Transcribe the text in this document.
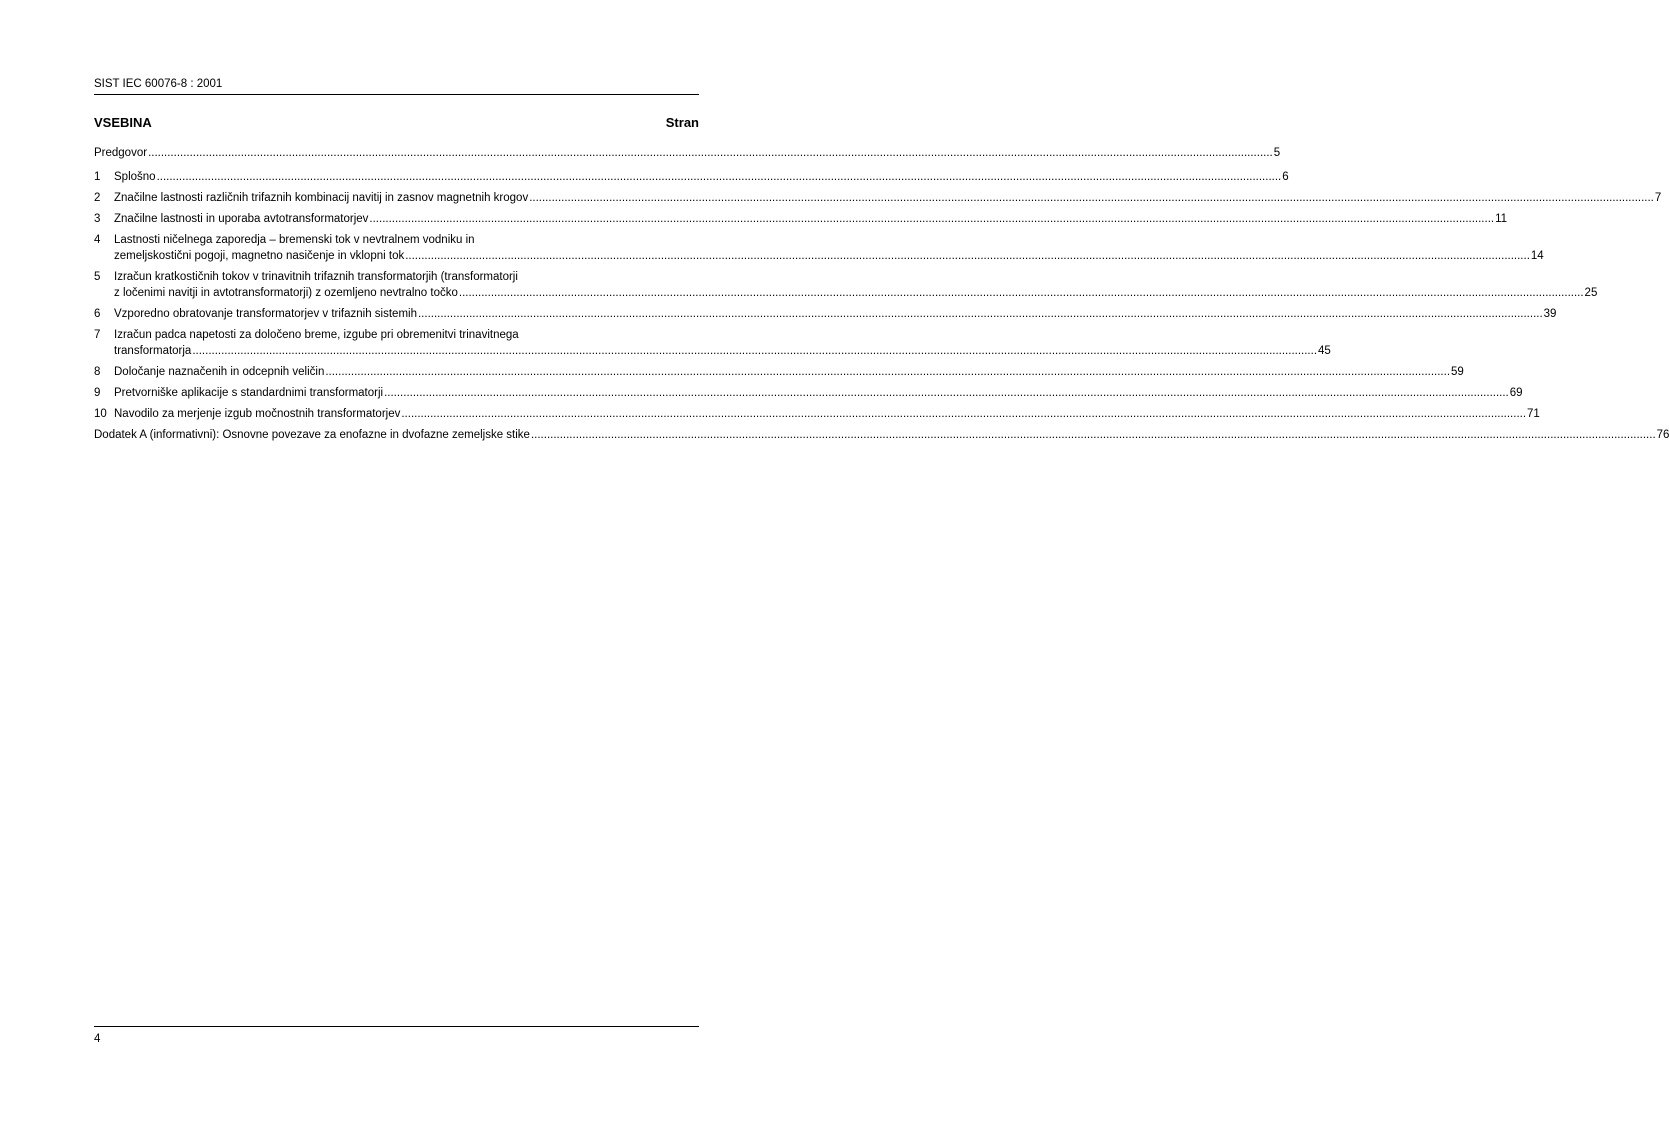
SIST IEC 60076-8 : 2001
VSEBINA	Stran
Predgovor .....	5
1	Splošno .....	6
2	Značilne lastnosti različnih trifaznih kombinacij navitij in zasnov magnetnih krogov .....	7
3	Značilne lastnosti in uporaba avtotransformatorjev .....	11
4	Lastnosti ničelnega zaporedja – bremenski tok v nevtralnem vodniku in
zemeljskostični pogoji, magnetno nasičenje in vklopni tok .....	14
5	Izračun kratkostičnih tokov v trinavitnih trifaznih transformatorjih (transformatorji
z ločenimi navitji in avtotransformatorji) z ozemljeno nevtralno točko .....	25
6	Vzporedno obratovanje transformatorjev v trifaznih sistemih .....	39
7	Izračun padca napetosti za določeno breme, izgube pri obremenitvi trinavitnega
transformatorja .....	45
8	Določanje naznačenih in odcepnih veličin .....	59
9	Pretvorniške aplikacije s standardnimi transformatorji .....	69
10 Navodilo za merjenje izgub močnostnih transformatorjev .....	71
Dodatek A (informativni): Osnovne povezave za enofazne in dvofazne zemeljske stike .....	76
4
